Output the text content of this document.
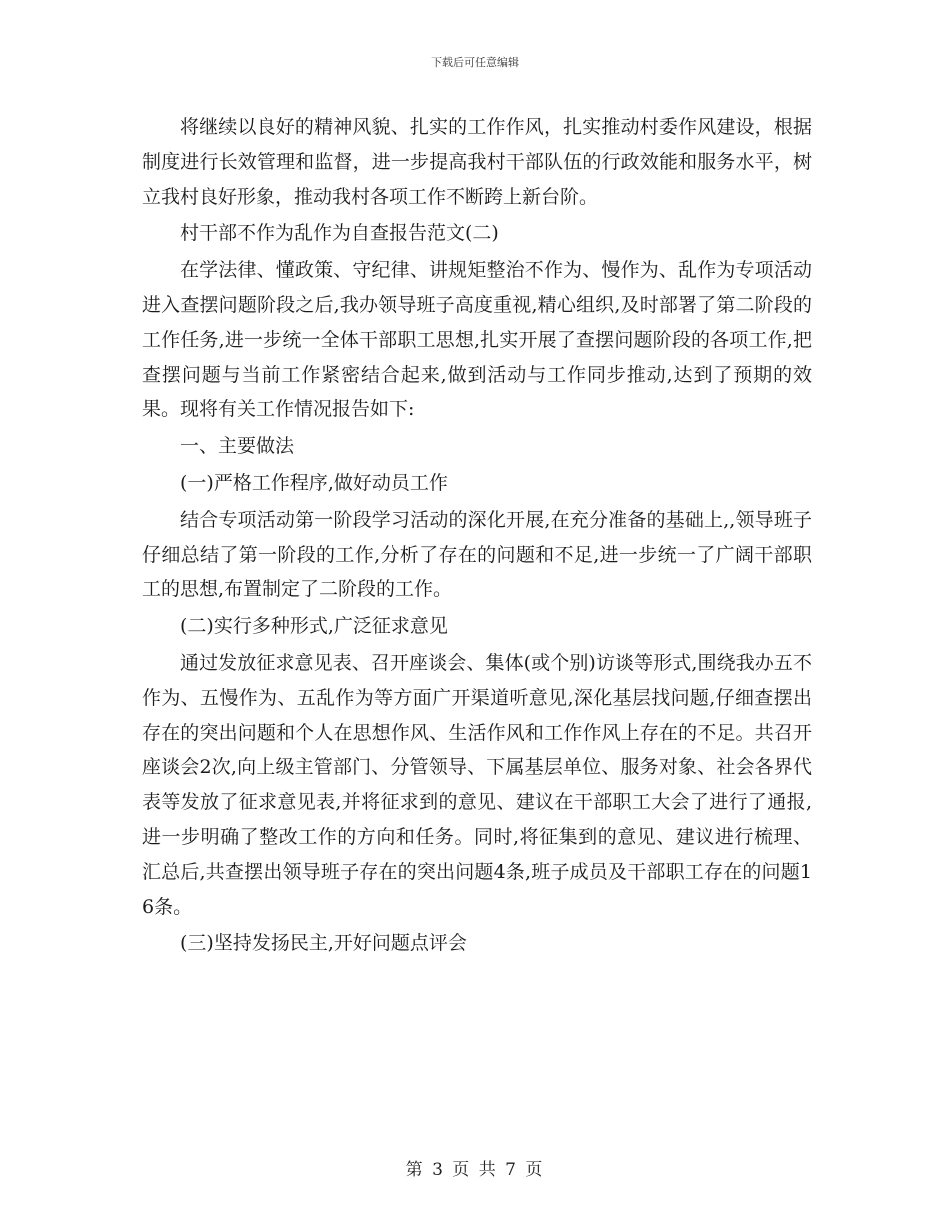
下载后可任意编辑

将继续以良好的精神风貌、扎实的工作作风，扎实推动村委作风建设，根据制度进行长效管理和监督，进一步提高我村干部队伍的行政效能和服务水平，树立我村良好形象，推动我村各项工作不断跨上新台阶。

村干部不作为乱作为自查报告范文(二)

在学法律、懂政策、守纪律、讲规矩整治不作为、慢作为、乱作为专项活动进入查摆问题阶段之后,我办领导班子高度重视,精心组织,及时部署了第二阶段的工作任务,进一步统一全体干部职工思想,扎实开展了查摆问题阶段的各项工作,把查摆问题与当前工作紧密结合起来,做到活动与工作同步推动,达到了预期的效果。现将有关工作情况报告如下:

一、主要做法

(一)严格工作程序,做好动员工作

结合专项活动第一阶段学习活动的深化开展,在充分准备的基础上,,领导班子仔细总结了第一阶段的工作,分析了存在的问题和不足,进一步统一了广阔干部职工的思想,布置制定了二阶段的工作。

(二)实行多种形式,广泛征求意见

通过发放征求意见表、召开座谈会、集体(或个别)访谈等形式,围绕我办五不作为、五慢作为、五乱作为等方面广开渠道听意见,深化基层找问题,仔细查摆出存在的突出问题和个人在思想作风、生活作风和工作作风上存在的不足。共召开座谈会2次,向上级主管部门、分管领导、下属基层单位、服务对象、社会各界代表等发放了征求意见表,并将征求到的意见、建议在干部职工大会了进行了通报,进一步明确了整改工作的方向和任务。同时,将征集到的意见、建议进行梳理、汇总后,共查摆出领导班子存在的突出问题4条,班子成员及干部职工存在的问题16条。

(三)坚持发扬民主,开好问题点评会

第 3 页 共 7 页
